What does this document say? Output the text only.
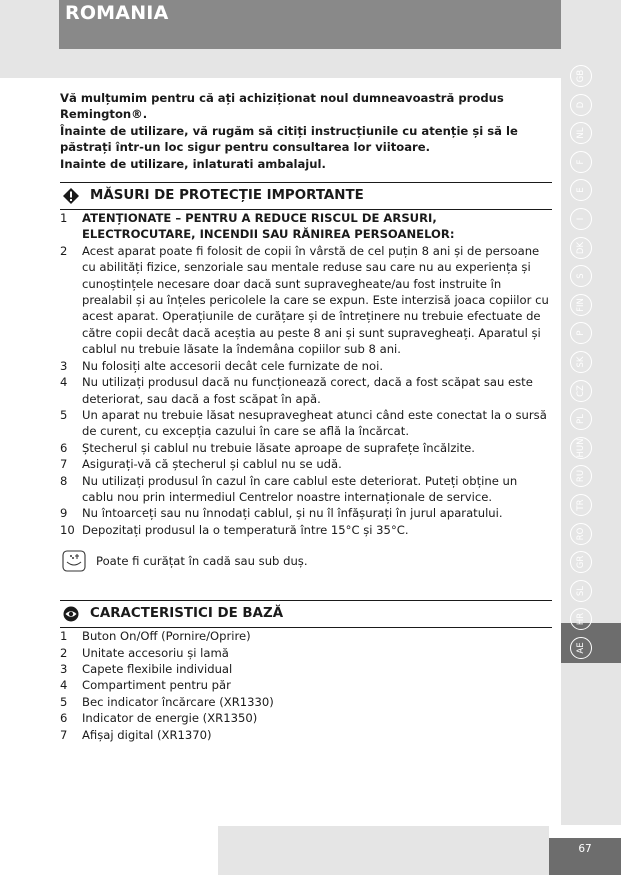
ROMANIA
GB
D
NL
F
E
I
DK
S
FIN
P
SK
CZ
PL
HUN
RU
TR
RO
GR
SL
HR
AE

Vă mulțumim pentru că ați achiziționat noul dumneavoastră produs Remington®.

Înainte de utilizare, vă rugăm să citiți instrucțiunile cu atenție și să le păstrați într-un loc sigur pentru consultarea lor viitoare.

Inainte de utilizare, inlaturati ambalajul.

MĂSURI DE PROTECȚIE IMPORTANTE
1	ATENȚIONATE – PENTRU A REDUCE RISCUL DE ARSURI, ELECTROCUTARE, INCENDII SAU RĂNIREA PERSOANELOR:
2	Acest aparat poate fi folosit de copii în vârstă de cel puțin 8 ani și de persoane cu abilități fizice, senzoriale sau mentale reduse sau care nu au experiența și cunoștințele necesare doar dacă sunt supravegheate/au fost instruite în prealabil și au înțeles pericolele la care se expun. Este interzisă joaca copiilor cu acest aparat. Operațiunile de curățare și de întreținere nu trebuie efectuate de către copii decât dacă aceștia au peste 8 ani și sunt supravegheați. Aparatul și cablul nu trebuie lăsate la îndemâna copiilor sub 8 ani.
3	Nu folosiți alte accesorii decât cele furnizate de noi.
4	Nu utilizați produsul dacă nu funcționează corect, dacă a fost scăpat sau este deteriorat, sau dacă a fost scăpat în apă.
5	Un aparat nu trebuie lăsat nesupravegheat atunci când este conectat la o sursă de curent, cu excepția cazului în care se află la încărcat.
6	Ștecherul și cablul nu trebuie lăsate aproape de suprafețe încălzite.
7	Asigurați-vă că ștecherul și cablul nu se udă.
8	Nu utilizați produsul în cazul în care cablul este deteriorat. Puteți obține un cablu nou prin intermediul Centrelor noastre internaționale de service.
9	Nu întoarceți sau nu înnodați cablul, și nu îl înfășurați în jurul aparatului.
10 Depozitați produsul la o temperatură între 15°C și 35°C.
Poate fi curățat în cadă sau sub duș.
CARACTERISTICI DE BAZĂ
1	Buton On/Off (Pornire/Oprire)
2	Unitate accesoriu și lamă
3	Capete flexibile individual
4	Compartiment pentru păr
5	Bec indicator încărcare (XR1330)
6	Indicator de energie (XR1350)
7	Afișaj digital (XR1370)
67
